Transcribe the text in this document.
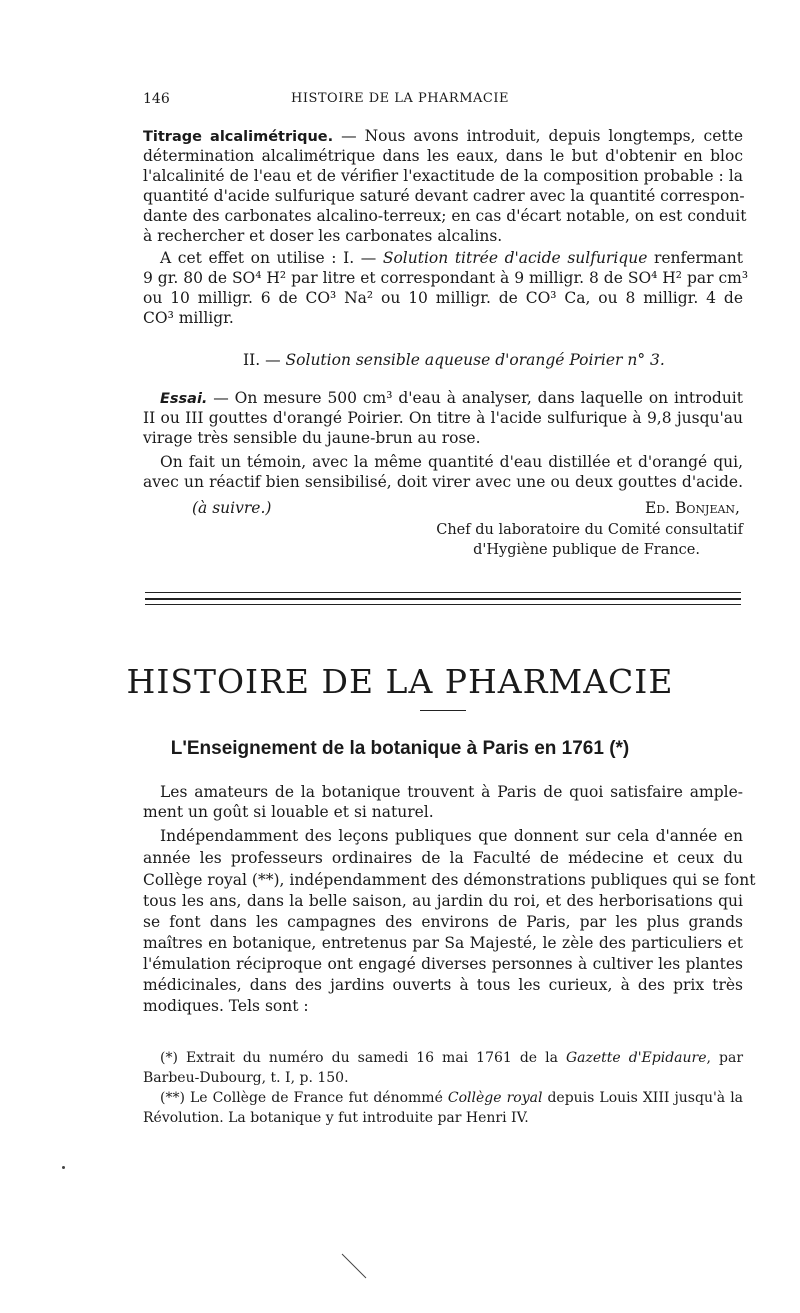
146	HISTOIRE DE LA PHARMACIE
Titrage alcalimétrique. — Nous avons introduit, depuis longtemps, cette
détermination alcalimétrique dans les eaux, dans le but d'obtenir en bloc
l'alcalinité de l'eau et de vérifier l'exactitude de la composition probable : la
quantité d'acide sulfurique saturé devant cadrer avec la quantité correspon-
dante des carbonates alcalino-terreux; en cas d'écart notable, on est conduit
à rechercher et doser les carbonates alcalins.
A cet effet on utilise : I. — Solution titrée d'acide sulfurique renfermant
9 gr. 80 de SO⁴ H² par litre et correspondant à 9 milligr. 8 de SO⁴ H² par cm³
ou 10 milligr. 6 de CO³ Na² ou 10 milligr. de CO³ Ca, ou 8 milligr. 4 de
CO³ milligr.
II. — Solution sensible aqueuse d'orangé Poirier n° 3.
Essai. — On mesure 500 cm³ d'eau à analyser, dans laquelle on introduit
II ou III gouttes d'orangé Poirier. On titre à l'acide sulfurique à 9,8 jusqu'au
virage très sensible du jaune-brun au rose.
On fait un témoin, avec la même quantité d'eau distillée et d'orangé qui,
avec un réactif bien sensibilisé, doit virer avec une ou deux gouttes d'acide.
(à suivre.)	Ed. Bonjean,
Chef du laboratoire du Comité consultatif
d'Hygiène publique de France.
HISTOIRE DE LA PHARMACIE
L'Enseignement de la botanique à Paris en 1761 (*)
Les amateurs de la botanique trouvent à Paris de quoi satisfaire ample-
ment un goût si louable et si naturel.
Indépendamment des leçons publiques que donnent sur cela d'année en
année les professeurs ordinaires de la Faculté de médecine et ceux du
Collège royal (**), indépendamment des démonstrations publiques qui se font
tous les ans, dans la belle saison, au jardin du roi, et des herborisations qui
se font dans les campagnes des environs de Paris, par les plus grands
maîtres en botanique, entretenus par Sa Majesté, le zèle des particuliers et
l'émulation réciproque ont engagé diverses personnes à cultiver les plantes
médicinales, dans des jardins ouverts à tous les curieux, à des prix très
modiques. Tels sont :
(*) Extrait du numéro du samedi 16 mai 1761 de la Gazette d'Epidaure, par
Barbeu-Dubourg, t. I, p. 150.
(**) Le Collège de France fut dénommé Collège royal depuis Louis XIII jusqu'à la
Révolution. La botanique y fut introduite par Henri IV.
